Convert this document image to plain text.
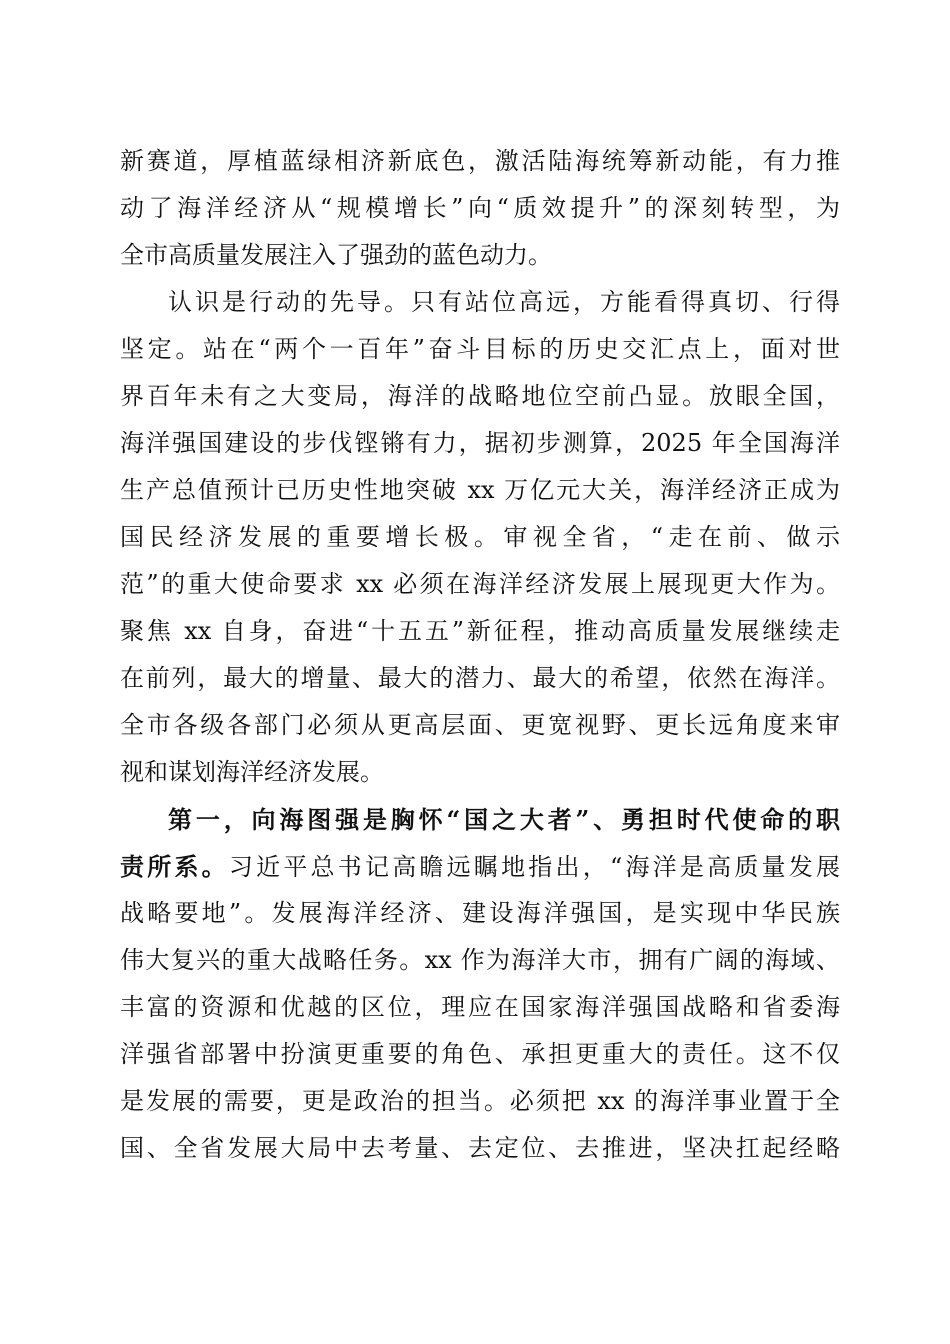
新赛道，厚植蓝绿相济新底色，激活陆海统筹新动能，有力推
动了海洋经济从“规模增长”向“质效提升”的深刻转型，为
全市高质量发展注入了强劲的蓝色动力。
认识是行动的先导。只有站位高远，方能看得真切、行得
坚定。站在“两个一百年”奋斗目标的历史交汇点上，面对世
界百年未有之大变局，海洋的战略地位空前凸显。放眼全国，
海洋强国建设的步伐铿锵有力，据初步测算，2025 年全国海洋
生产总值预计已历史性地突破 xx 万亿元大关，海洋经济正成为
国民经济发展的重要增长极。审视全省，“走在前、做示
范”的重大使命要求 xx 必须在海洋经济发展上展现更大作为。
聚焦 xx 自身，奋进“十五五”新征程，推动高质量发展继续走
在前列，最大的增量、最大的潜力、最大的希望，依然在海洋。
全市各级各部门必须从更高层面、更宽视野、更长远角度来审
视和谋划海洋经济发展。
第一，向海图强是胸怀“国之大者”、勇担时代使命的职
责所系。习近平总书记高瞻远瞩地指出，“海洋是高质量发展
战略要地”。发展海洋经济、建设海洋强国，是实现中华民族
伟大复兴的重大战略任务。xx 作为海洋大市，拥有广阔的海域、
丰富的资源和优越的区位，理应在国家海洋强国战略和省委海
洋强省部署中扮演更重要的角色、承担更重大的责任。这不仅
是发展的需要，更是政治的担当。必须把 xx 的海洋事业置于全
国、全省发展大局中去考量、去定位、去推进，坚决扛起经略
